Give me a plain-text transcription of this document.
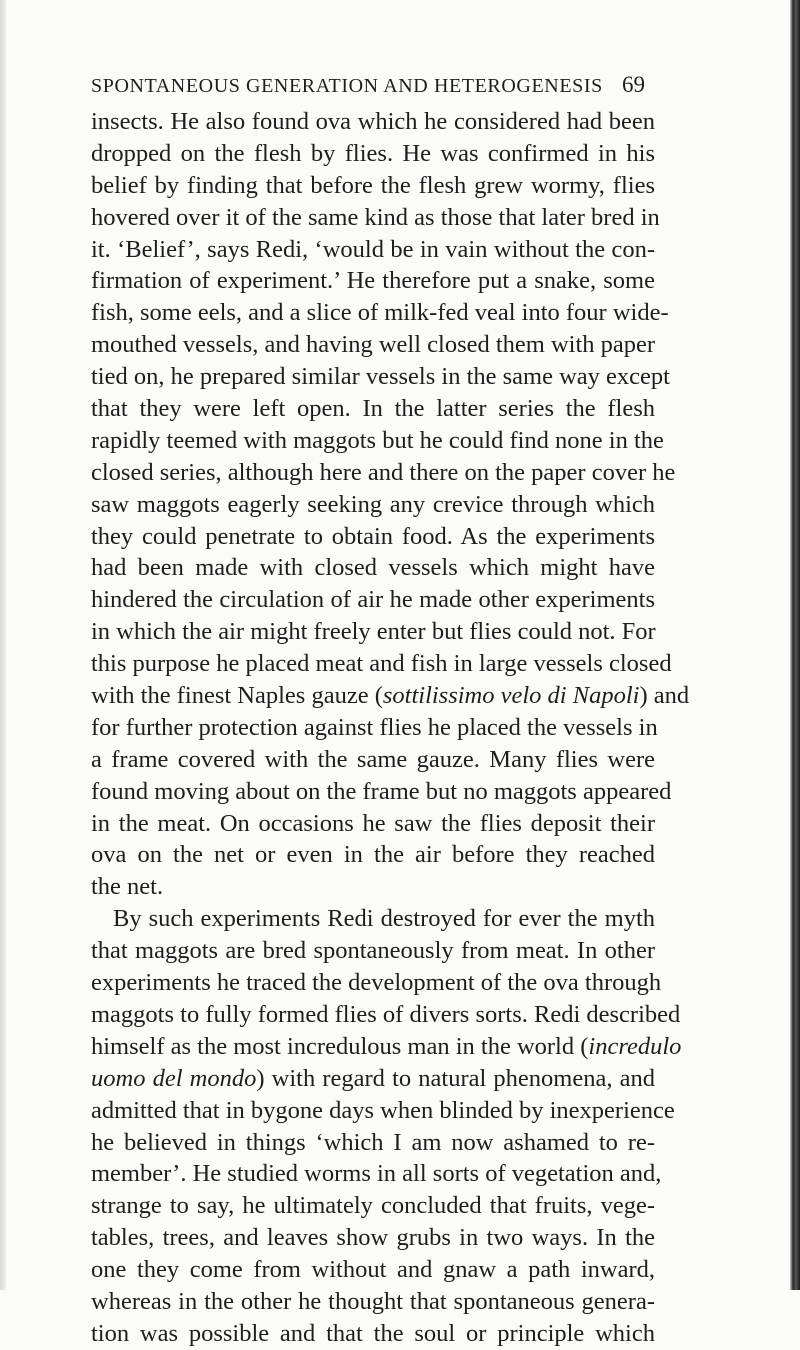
SPONTANEOUS GENERATION AND HETEROGENESIS 69
insects. He also found ova which he considered had been
dropped on the flesh by flies. He was confirmed in his
belief by finding that before the flesh grew wormy, flies
hovered over it of the same kind as those that later bred in
it. ‘Belief’, says Redi, ‘would be in vain without the con-
firmation of experiment.’ He therefore put a snake, some
fish, some eels, and a slice of milk-fed veal into four wide-
mouthed vessels, and having well closed them with paper
tied on, he prepared similar vessels in the same way except
that they were left open. In the latter series the flesh
rapidly teemed with maggots but he could find none in the
closed series, although here and there on the paper cover he
saw maggots eagerly seeking any crevice through which
they could penetrate to obtain food. As the experiments
had been made with closed vessels which might have
hindered the circulation of air he made other experiments
in which the air might freely enter but flies could not. For
this purpose he placed meat and fish in large vessels closed
with the finest Naples gauze (sottilissimo velo di Napoli) and
for further protection against flies he placed the vessels in
a frame covered with the same gauze. Many flies were
found moving about on the frame but no maggots appeared
in the meat. On occasions he saw the flies deposit their
ova on the net or even in the air before they reached
the net.
By such experiments Redi destroyed for ever the myth
that maggots are bred spontaneously from meat. In other
experiments he traced the development of the ova through
maggots to fully formed flies of divers sorts. Redi described
himself as the most incredulous man in the world (incredulo
uomo del mondo) with regard to natural phenomena, and
admitted that in bygone days when blinded by inexperience
he believed in things ‘which I am now ashamed to re-
member’. He studied worms in all sorts of vegetation and,
strange to say, he ultimately concluded that fruits, vege-
tables, trees, and leaves show grubs in two ways. In the
one they come from without and gnaw a path inward,
whereas in the other he thought that spontaneous genera-
tion was possible and that the soul or principle which
